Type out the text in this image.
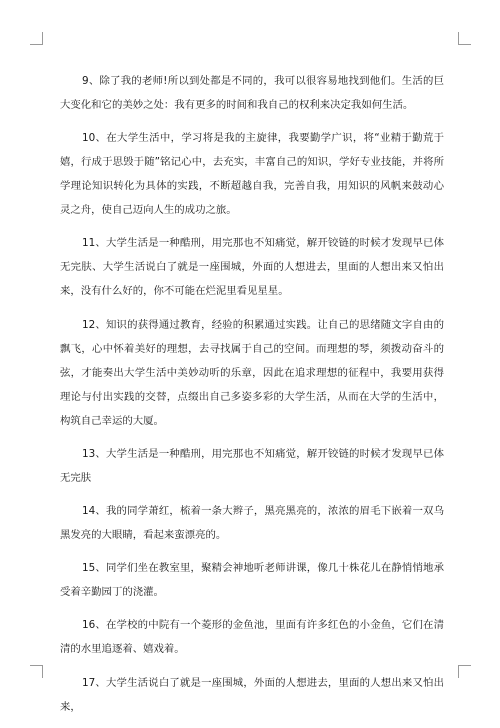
9、除了我的老师!所以到处都是不同的，我可以很容易地找到他们。生活的巨大变化和它的美妙之处：我有更多的时间和我自己的权利来决定我如何生活。

10、在大学生活中，学习将是我的主旋律，我要勤学广识，将“业精于勤荒于嬉，行成于思毁于随”铭记心中，去充实，丰富自己的知识，学好专业技能，并将所学理论知识转化为具体的实践，不断超越自我，完善自我，用知识的风帆来鼓动心灵之舟，使自己迈向人生的成功之旅。

11、大学生活是一种酷刑，用完那也不知痛觉，解开铰链的时候才发现早已体无完肤、大学生活说白了就是一座围城，外面的人想进去，里面的人想出来又怕出来，没有什么好的，你不可能在烂泥里看见星星。

12、知识的获得通过教育，经验的积累通过实践。让自己的思绪随文字自由的飘飞，心中怀着美好的理想，去寻找属于自己的空间。而理想的琴，须拨动奋斗的弦，才能奏出大学生活中美妙动听的乐章，因此在追求理想的征程中，我要用获得理论与付出实践的交替，点缀出自己多姿多彩的大学生活，从而在大学的生活中，构筑自己幸运的大厦。

13、大学生活是一种酷刑，用完那也不知痛觉，解开铰链的时候才发现早已体无完肤

14、我的同学萧红，梳着一条大辫子，黑亮黑亮的，浓浓的眉毛下嵌着一双乌黑发亮的大眼睛，看起来蛮漂亮的。

15、同学们坐在教室里，聚精会神地听老师讲课，像几十株花儿在静悄悄地承受着辛勤园丁的浇灌。

16、在学校的中院有一个菱形的金鱼池，里面有许多红色的小金鱼，它们在清清的水里追逐着、嬉戏着。

17、大学生活说白了就是一座围城，外面的人想进去，里面的人想出来又怕出来，
